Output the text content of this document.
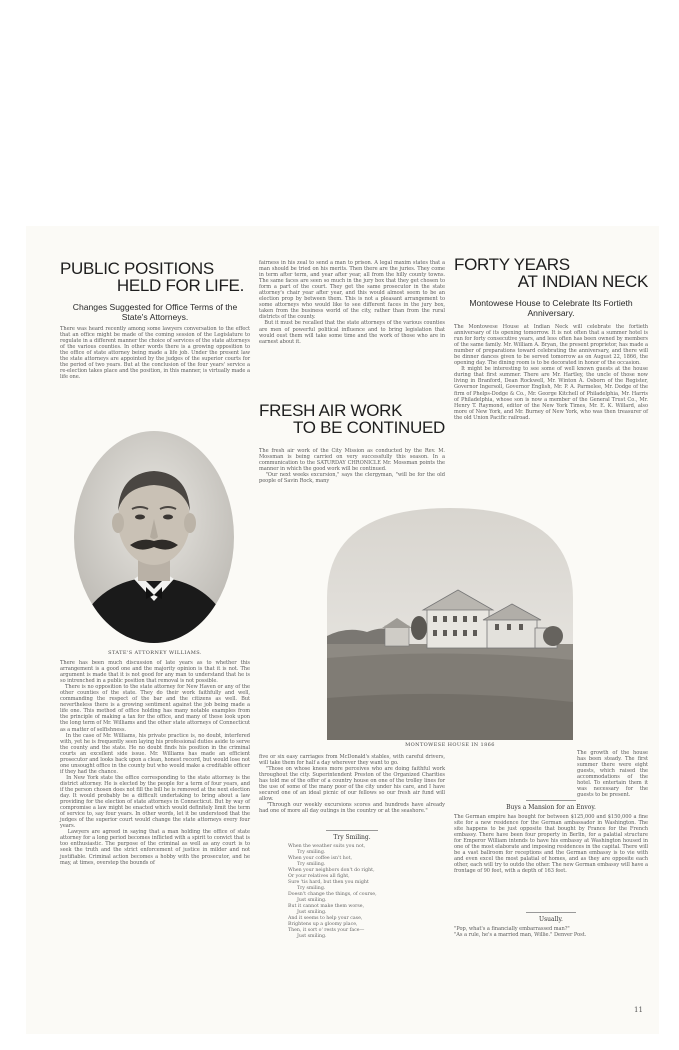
PUBLIC POSITIONS
HELD FOR LIFE.
Changes Suggested for Office Terms of the State's Attorneys.
There was heard recently among some lawyers conversation to the effect that an office might be made of the coming session of the Legislature to regulate in a different manner the choice of services of the state attorneys of the various counties. In other words there is a growing opposition to the office of state attorney being made a life job. Under the present law the state attorneys are appointed by the judges of the superior courts for the period of two years. But at the conclusion of the four years' service a re-election takes place and the position, in this manner, is virtually made a life one.
STATE'S ATTORNEY WILLIAMS.
There has been much discussion of late years as to whether this arrangement is a good one and the majority opinion is that it is not. The argument is made that it is not good for any man to understand that he is so intrenched in a public position that removal is not possible.
There is no opposition to the state attorney for New Haven or any of the other counties of the state. They do their work faithfully and well, commanding the respect of the bar and the citizens as well. But nevertheless there is a growing sentiment against the job being made a life one. This method of office holding has many notable examples from the principle of making a tax for the office, and many of these look upon the long term of Mr. Williams and the other state attorneys of Connecticut as a matter of selfishness.
In the case of Mr. Williams, his private practice is, no doubt, interfered with, yet he is frequently seen laying his professional duties aside to serve the county and the state. He no doubt finds his position in the criminal courts an excellent side issue. Mr. Williams has made an efficient prosecutor and looks back upon a clean, honest record, but would lose not one unsought office in the county but who would make a creditable officer if they had the chance.
In New York state the office corresponding to the state attorney is the district attorney. He is elected by the people for a term of four years, and if the person chosen does not fill the bill he is removed at the next election day. It would probably be a difficult undertaking to bring about a law providing for the election of state attorneys in Connecticut. But by way of compromise a law might be enacted which would definitely limit the term of service to, say four years. In other words, let it be understood that the judges of the superior court would change the state attorneys every four years.
Lawyers are agreed in saying that a man holding the office of state attorney for a long period becomes inflicted with a spirit to convict that is too enthusiastic. The purpose of the criminal as well as any court is to seek the truth and the strict enforcement of justice in milder and not justifiable. Criminal action becomes a hobby with the prosecutor, and he may, at times, overstep the bounds of
fairness in his zeal to send a man to prison. A legal maxim states that a man should be tried on his merits. Then there are the juries. They come in term after term, and year after year, all from the hilly county towns. The same faces are seen so much in the jury box that they get chosen to form a part of the court. They get the same prosecutor in the state attorney's chair year after year, and this would almost seem to be an election prop by between them. This is not a pleasant arrangement to some attorneys who would like to see different faces in the jury box, taken from the business world of the city, rather than from the rural districts of the county.
But it must be recalled that the state attorneys of the various counties are men of powerful political influence and to bring legislation that would oust them will take some time and the work of those who are in earnest about it.
FRESH AIR WORK
TO BE CONTINUED
The fresh air work of the City Mission as conducted by the Rev. M. Mossman is being carried on very successfully this season. In a communication to the SATURDAY CHRONICLE Mr. Mossman points the manner in which the good work will be continued.
"Our next weeks excursion," says the clergyman, "will be for the old people of Savin Rock, many
MONTOWESE HOUSE IN 1866
five or six easy carriages from McDonald's stables, with careful drivers, will take them for half a day wherever they want to go.
"Those on whose knees more perceives who are doing faithful work throughout the city. Superintendent Preston of the Organized Charities has told me of the offer of a country house on one of the trolley lines for the use of some of the many poor of the city under his care, and I have secured one of an ideal picnic of our fellows so our fresh air fund will allow.
"Through our weekly excursions scores and hundreds have already had one of more all day outings in the country or at the seashore."
Try Smiling.
When the weather suits you not,
Try smiling.
When your coffee isn't hot,
Try smiling.
When your neighbors don't do right,
Or your relatives all fight,
Sure 'tis hard, but then you might
Try smiling.
Doesn't change the things, of course,
Just smiling.
But it cannot make them worse,
Just smiling.
And it seems to help your case,
Brightens up a gloomy place,
Then, it sort o' rests your face—
Just smiling.
FORTY YEARS
AT INDIAN NECK
Montowese House to Celebrate Its Fortieth Anniversary.
The Montowese House at Indian Neck will celebrate the fortieth anniversary of its opening tomorrow. It is not often that a summer hotel is run for forty consecutive years, and less often has been owned by members of the same family. Mr. William A. Bryan, the present proprietor, has made a number of preparations toward celebrating the anniversary, and there will be dinner dances given to be served tomorrow as on August 22, 1866, the opening day. The dining room is to be decorated in honor of the occasion.
It might be interesting to see some of well known guests at the house during that first summer. There are Mr. Hartley, the uncle of those now living in Branford, Dean Rockwell, Mr. Winton A. Osborn of the Register, Governor Ingersoll, Governor English, Mr. P. A. Parmelee, Mr. Dodge of the firm of Phelps-Dodge & Co., Mr. George Kitchell of Philadelphia, Mr. Harris of Philadelphia, whose son is now a member of the General Trust Co., Mr. Henry T. Raymond, editor of the New York Times, Mr. E. K. Willard, also more of New York, and Mr. Burney of New York, who was then treasurer of the old Union Pacific railroad.
The growth of the house has been steady. The first summer there were eight guests, which raised the accommodations of the hotel. To entertain them it was necessary for the guests to be present.
Buys a Mansion for an Envoy.
The German empire has bought for between $125,000 and $150,000 a fine site for a new residence for the German ambassador in Washington. The site happens to be just opposite that bought by France for the French embassy. There have been four property in Berlin, for a palatial structure for Emperor William intends to have his embassy at Washington housed in one of the most elaborate and imposing residences in the capital. There will be a vast ballroom for receptions and the German embassy is to vie with and even excel the most palatial of homes, and as they are opposite each other, each will try to outdo the other. The new German embassy will have a frontage of 90 feet, with a depth of 163 feet.
Usually.
"Pop, what's a financially embarrassed man?"
"As a rule, he's a married man, Willie." Denver Post.
11
